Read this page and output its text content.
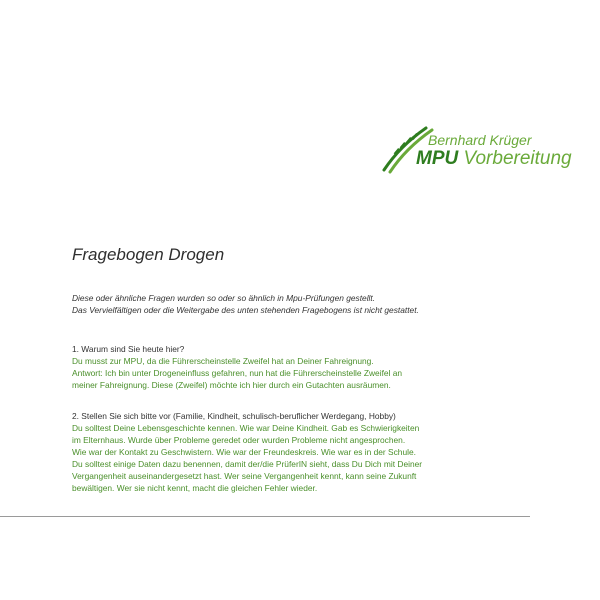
Bernhard Krüger
MPU Vorbereitung
Fragebogen Drogen

Diese oder ähnliche Fragen wurden so oder so ähnlich in Mpu-Prüfungen gestellt.

Das Vervielfältigen oder die Weitergabe des unten stehenden Fragebogens ist nicht gestattet.

1. Warum sind Sie heute hier?

Du musst zur MPU, da die Führerscheinstelle Zweifel hat an Deiner Fahreignung.

Antwort: Ich bin unter Drogeneinfluss gefahren, nun hat die Führerscheinstelle Zweifel an

meiner Fahreignung. Diese (Zweifel) möchte ich hier durch ein Gutachten ausräumen.

2. Stellen Sie sich bitte vor (Familie, Kindheit, schulisch-beruflicher Werdegang, Hobby)

Du solltest Deine Lebensgeschichte kennen. Wie war Deine Kindheit. Gab es Schwierigkeiten

im Elternhaus. Wurde über Probleme geredet oder wurden Probleme nicht angesprochen.

Wie war der Kontakt zu Geschwistern. Wie war der Freundeskreis. Wie war es in der Schule.

Du solltest einige Daten dazu benennen, damit der/die PrüferIN sieht, dass Du Dich mit Deiner

Vergangenheit auseinandergesetzt hast. Wer seine Vergangenheit kennt, kann seine Zukunft

bewältigen. Wer sie nicht kennt, macht die gleichen Fehler wieder.
